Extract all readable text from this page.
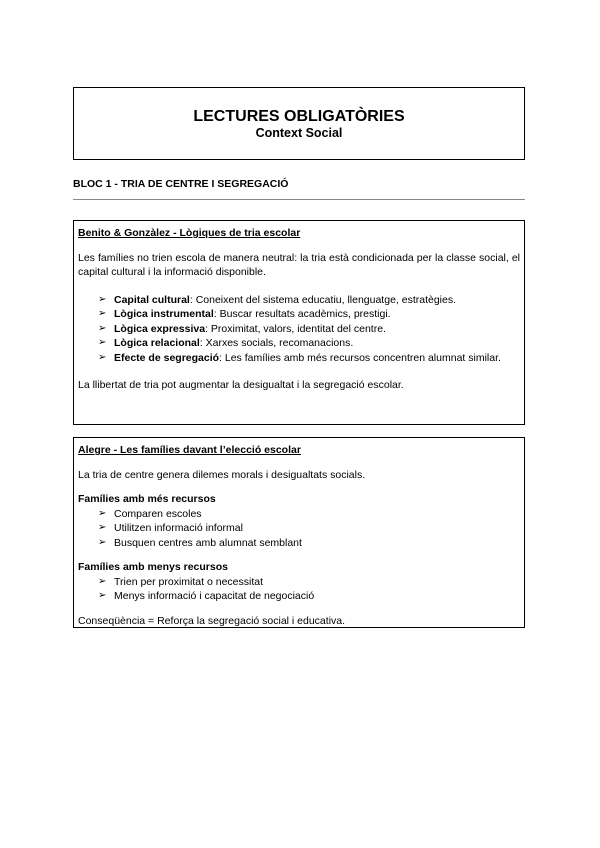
LECTURES OBLIGATÒRIES
Context Social
BLOC 1 - TRIA DE CENTRE I SEGREGACIÓ
Benito & Gonzàlez - Lògiques de tria escolar
Les famílies no trien escola de manera neutral: la tria està condicionada per la classe social, el capital cultural i la informació disponible.
➢ Capital cultural: Coneixent del sistema educatiu, llenguatge, estratègies.
➢ Lògica instrumental: Buscar resultats acadèmics, prestigi.
➢ Lògica expressiva: Proximitat, valors, identitat del centre.
➢ Lògica relacional: Xarxes socials, recomanacions.
➢ Efecte de segregació: Les famílies amb més recursos concentren alumnat similar.
La llibertat de tria pot augmentar la desigualtat i la segregació escolar.
Alegre - Les famílies davant l’elecció escolar
La tria de centre genera dilemes morals i desigualtats socials.
Famílies amb més recursos
➢ Comparen escoles
➢ Utilitzen informació informal
➢ Busquen centres amb alumnat semblant
Famílies amb menys recursos
➢ Trien per proximitat o necessitat
➢ Menys informació i capacitat de negociació
Conseqüència = Reforça la segregació social i educativa.
